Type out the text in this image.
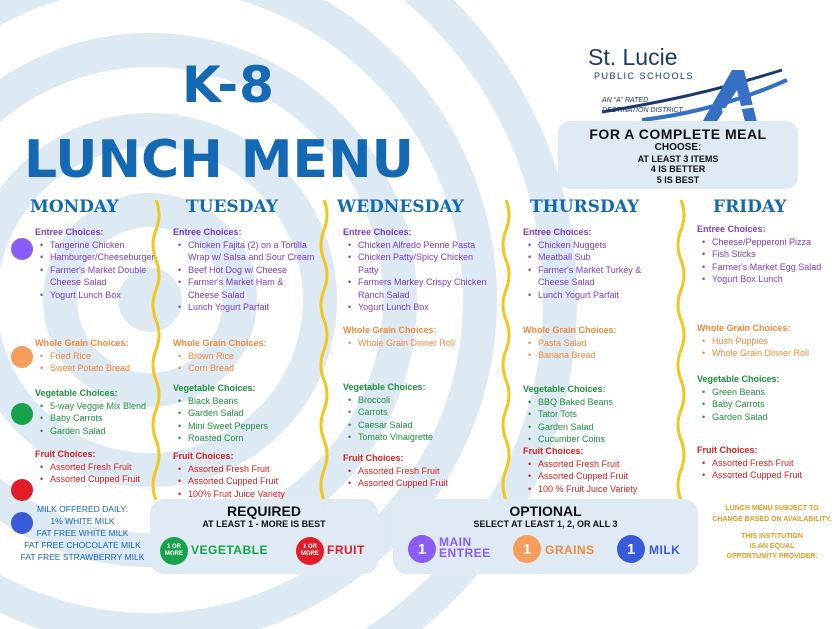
K-8
LUNCH MENU
St. Lucie
PUBLIC SCHOOLS
AN “A” RATED
DESTINATION DISTRICT
FOR A COMPLETE MEAL
CHOOSE:
AT LEAST 3 ITEMS
4 IS BETTER
5 IS BEST
MONDAY	TUESDAY	WEDNESDAY	THURSDAY	FRIDAY
Entree Choices:
• Tangerine Chicken
• Hamburger/Cheeseburger
• Farmer's Market Double Cheese Salad
• Yogurt Lunch Box
Whole Grain Choices:
• Fried Rice
• Sweet Potato Bread
Vegetable Choices:
• 5-way Veggie Mix Blend
• Baby Carrots
• Garden Salad
Fruit Choices:
• Assorted Fresh Fruit
• Assorted Cupped Fruit
Entree Choices:
• Chicken Fajita (2) on a Tortilla Wrap w/ Salsa and Sour Cream
• Beef Hot Dog w/ Cheese
• Farmer's Market Ham & Cheese Salad
• Lunch Yogurt Parfait
Whole Grain Choices:
• Brown Rice
• Corn Bread
Vegetable Choices:
• Black Beans
• Garden Salad
• Mini Sweet Peppers
• Roasted Corn
Fruit Choices:
• Assorted Fresh Fruit
• Assorted Cupped Fruit
• 100% Fruit Juice Variety
Entree Choices:
• Chicken Alfredo Penne Pasta
• Chicken Patty/Spicy Chicken Patty
• Farmers Markey Crispy Chicken Ranch Salad
• Yogurt Lunch Box
Whole Grain Choices:
• Whole Grain Dinner Roll
Vegetable Choices:
• Broccoli
• Carrots
• Caesar Salad
• Tomato Vinaigrette
Fruit Choices:
• Assorted Fresh Fruit
• Assorted Cupped Fruit
Entree Choices:
• Chicken Nuggets
• Meatball Sub
• Farmer's Market Turkey & Cheese Salad
• Lunch Yogurt Parfait
Whole Grain Choices:
• Pasta Salad
• Banana Bread
Vegetable Choices:
• BBQ Baked Beans
• Tator Tots
• Garden Salad
• Cucumber Coins
Fruit Choices:
• Assorted Fresh Fruit
• Assorted Cupped Fruit
• 100 % Fruit Juice Variety
Entree Choices:
• Cheese/Pepperoni Pizza
• Fish Sticks
• Farmer's Market Egg Salad
• Yogurt Box Lunch
Whole Grain Choices:
• Hush Puppies
• Whole Grain Dinner Roll
Vegetable Choices:
• Green Beans
• Baby Carrots
• Garden Salad
Fruit Choices:
• Assorted Fresh Fruit
• Assorted Cupped Fruit
MILK OFFERED DAILY:
1% WHITE MILK
FAT FREE WHITE MILK
FAT FREE CHOCOLATE MILK
FAT FREE STRAWBERRY MILK
REQUIRED
AT LEAST 1 - MORE IS BEST
1 OR MORE VEGETABLE	1 OR MORE FRUIT
OPTIONAL
SELECT AT LEAST 1, 2, OR ALL 3
1	MAIN
ENTREE	1	GRAINS	1	MILK
LUNCH MENU SUBJECT TO
CHANGE BASED ON AVAILABILITY.
THIS INSTITUTION
IS AN EQUAL
OPPORTUNITY PROVIDER.
